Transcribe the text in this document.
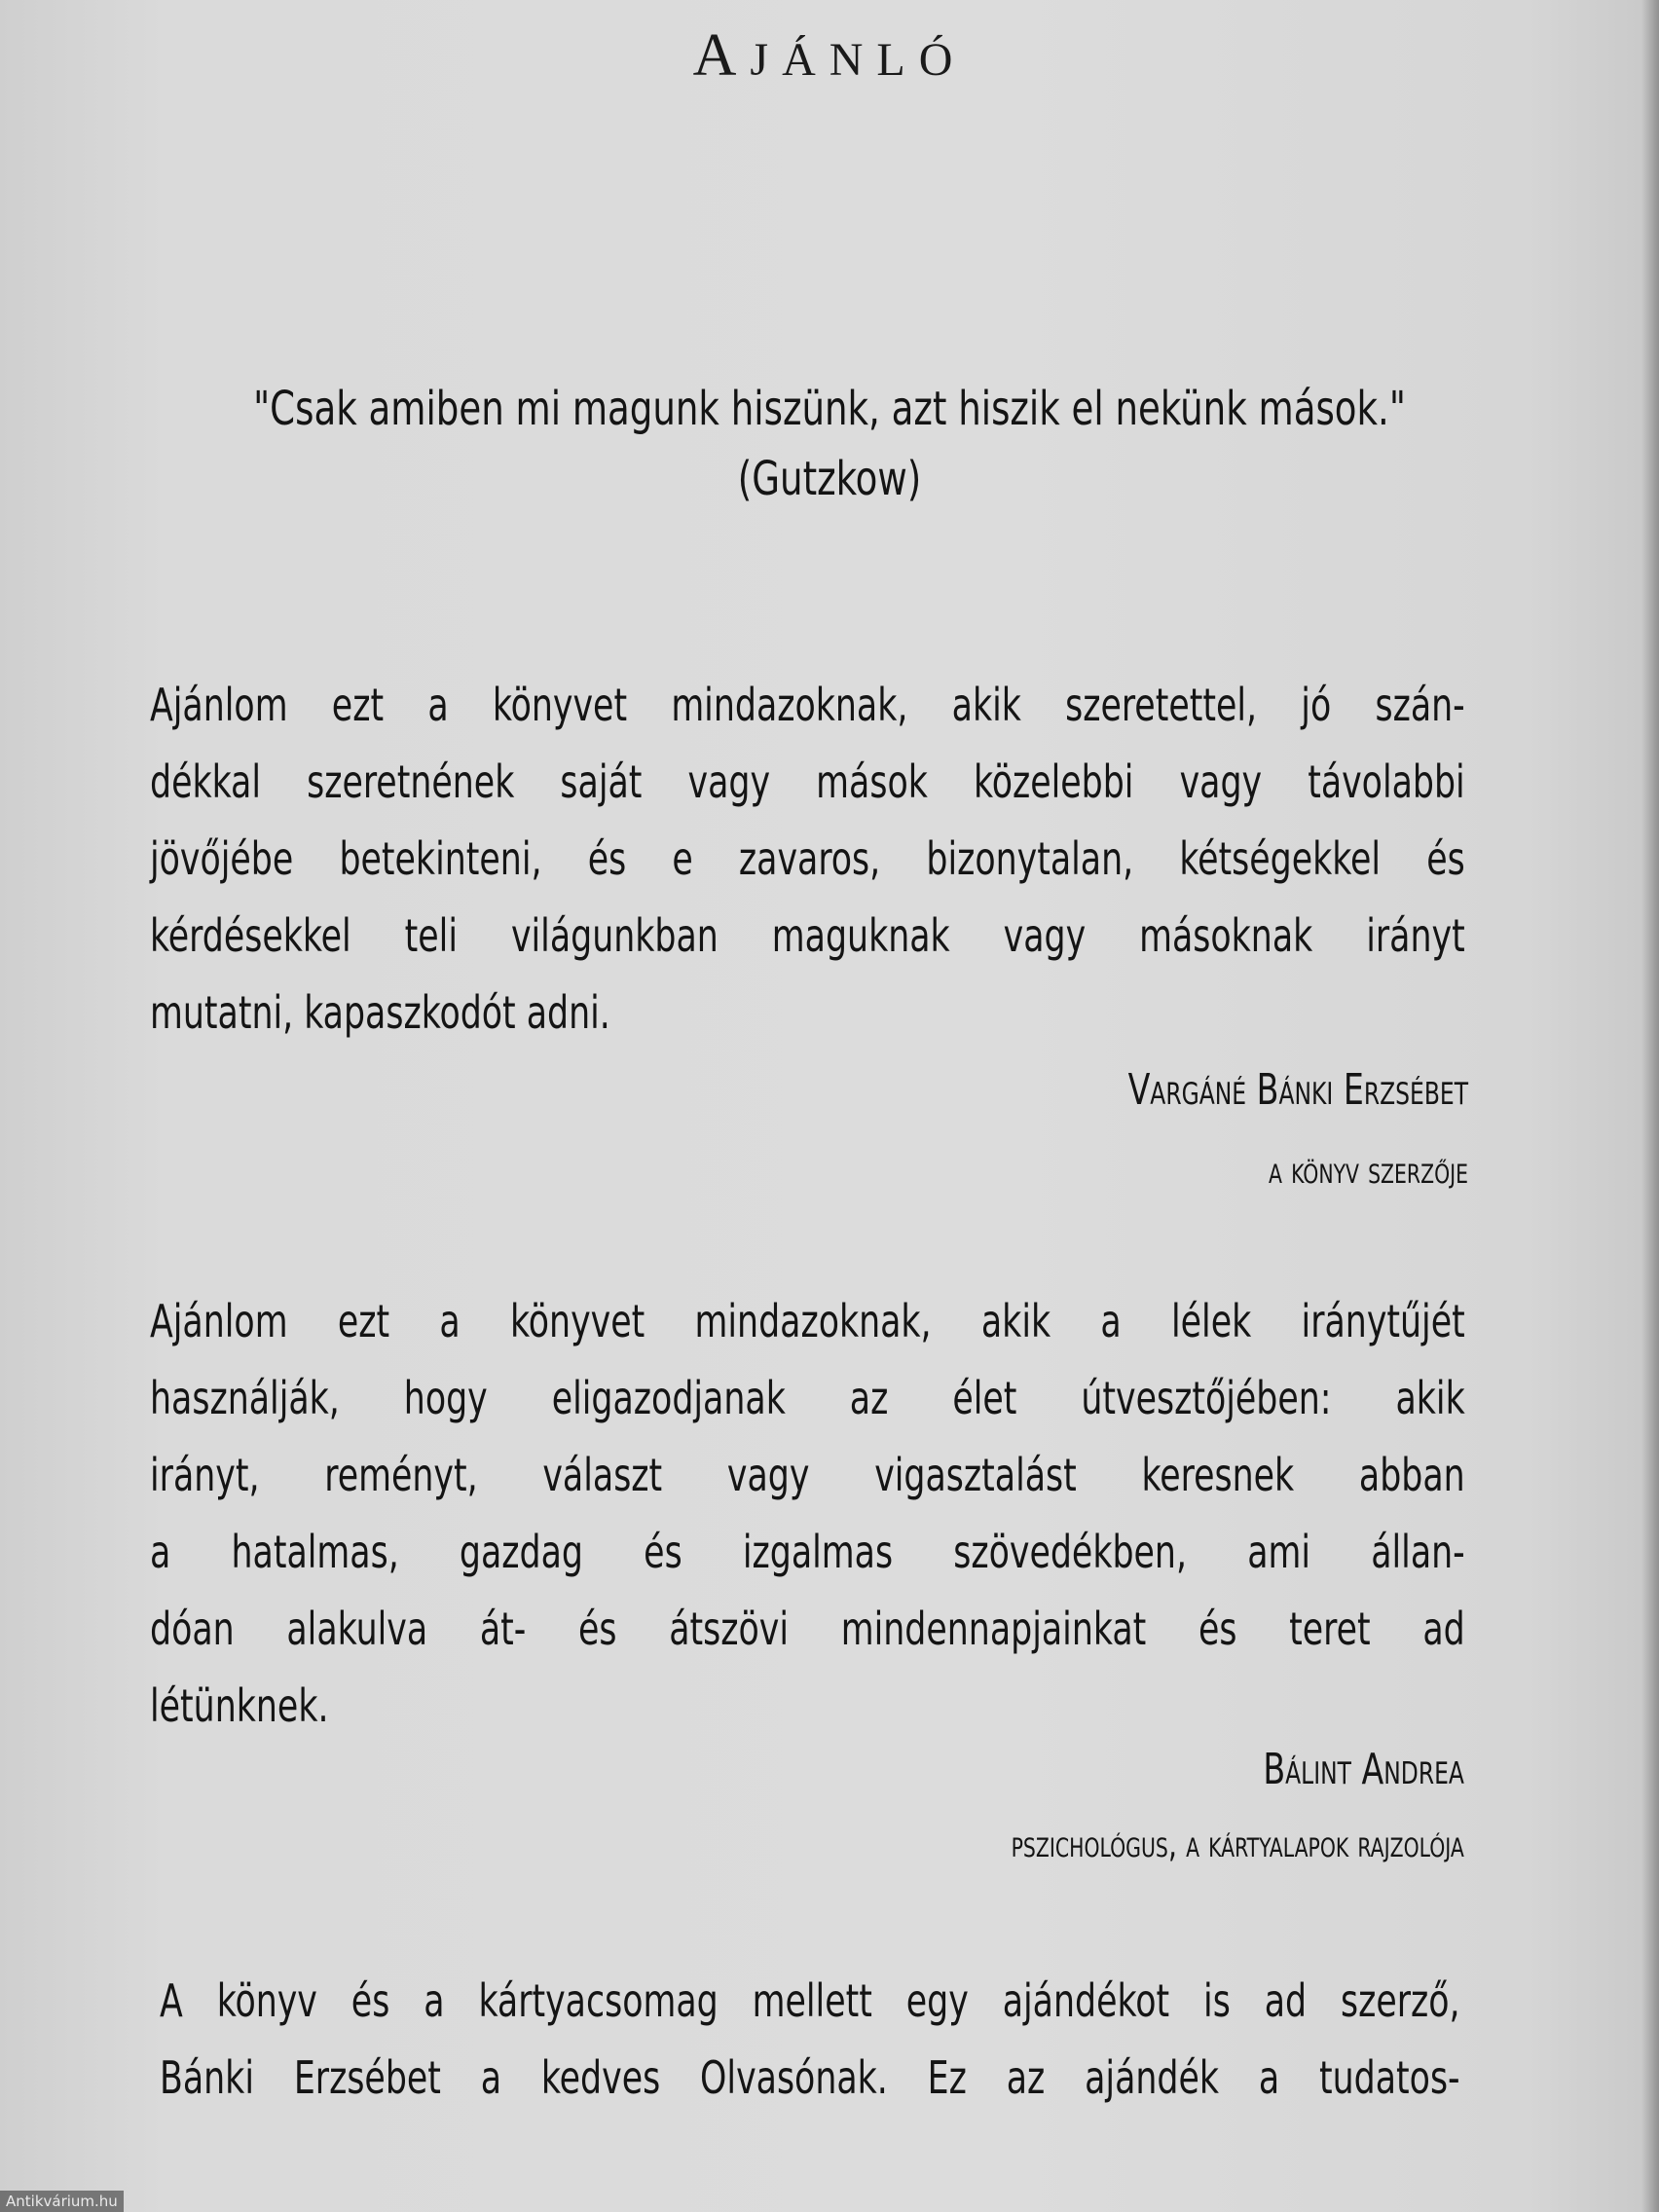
AJÁNLÓ
"Csak amiben mi magunk hiszünk, azt hiszik el nekünk mások."
(Gutzkow)
Ajánlom ezt a könyvet mindazoknak, akik szeretettel, jó szán-
dékkal szeretnének saját vagy mások közelebbi vagy távolabbi
jövőjébe betekinteni, és e zavaros, bizonytalan, kétségekkel és
kérdésekkel teli világunkban maguknak vagy másoknak irányt
mutatni, kapaszkodót adni.
Vargáné Bánki Erzsébet
a könyv szerzője
Ajánlom ezt a könyvet mindazoknak, akik a lélek iránytűjét
használják, hogy eligazodjanak az élet útvesztőjében: akik
irányt, reményt, választ vagy vigasztalást keresnek abban
a hatalmas, gazdag és izgalmas szövedékben, ami állan-
dóan alakulva át- és átszövi mindennapjainkat és teret ad
létünknek.
Bálint Andrea
pszichológus, a kártyalapok rajzolója
A könyv és a kártyacsomag mellett egy ajándékot is ad szerző,
Bánki Erzsébet a kedves Olvasónak. Ez az ajándék a tudatos-
Antikvárium.hu
